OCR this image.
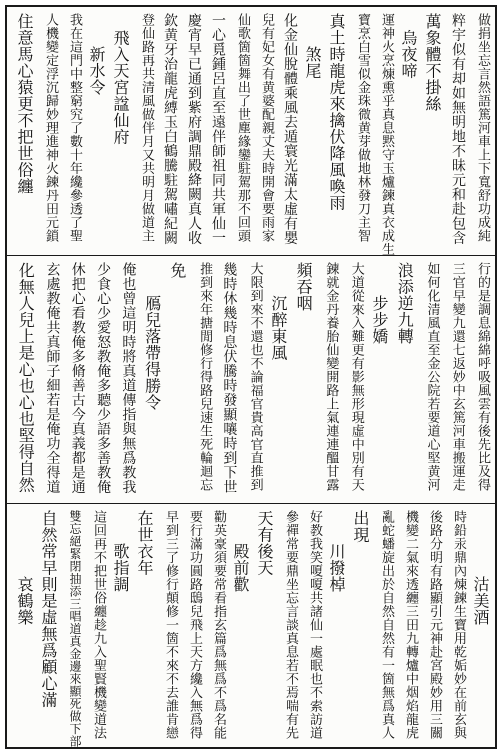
做捐坐忘言然語篤河車上下寬舒功成純
粹宇似有却如無明地不昧元和赴包含
萬象體不掛絲
　烏夜啼
運神火烹煉熏乎真息黙守玉爐鍊真衣成生
寶烹白雪似金珠微黄芽做地林發刀主智
真土時龍虎來擒伏降風喚雨
　　煞尾
化金仙脫體乘風去遁寰光滿太虛有嬰
兒有妃女有黄婆配親丈夫時開會要雨家
仙歌箇箇舞出了世塵緣鑾駐駕那不回頭
一心覓鍾呂直至遠伴師祖同共軍仙一
慶宵早已通到紫府調鼎殿絳闕真人收
欽黄牙治龍虎縛玉白鶴騰駐駕嘯紀闕
登仙路再共清風做伴月又共明月做道主
　飛入天宮諡仙府
　　新水令
我在這門中整窮究了數十年纔參透了聖
人機變定浮沉歸妙理進神火鍊丹田元鎖
住意馬心猿更不把世俗纏
行的是調息綿綿呼吸風雲有後先比及得
三官早變九還七返妙中玄篤河車搬運走
如何化清風直至金公院若要道心堅黄河
浪添逆九轉
　　步步嬌
大道從來入難更有影無形現虛中別有天
鍊就金丹養胎仙變開路上氣連連醞甘露
頻吞咽
　　沉醉東風
大限到來不還也不論福官貴高官直推到
幾時休幾時息伏騰時發顯嚷時到下世
推到來年搪閒修行得路兒速生死輪迴忘
免
　　鴈兒落帶得勝令
俺也曾這明時將真道傳指與無爲教我
少食心少愛怒教俺多聽少語多善教俺
休把心看教俺多脩善古今真義都是通
玄處教俺共真師子細若是俺功全得道
化無人兒上是心也心也堅得自然
　　　　沽美酒
時鉛汞鼎內煉鍊生寶用乾姤妙在前玄與
後路分明有路顯引元神赴宮殿妙用三關
機變二氣來透纏三田九轉爐中烟焰龍虎
亂蛇蟠旋出於自然自然有一箇無爲真人
出現
　　川撥棹
好教我笑嗄嗄共諸仙一處眠也不索訪道
參禪常要鼎坐忘言談真息若不焉喘有先
天有後天
　　殿前歡
勸英豪須要常看指玄篇爲無爲不爲名能
要行滿功圓路鴟兒飛上天方纔入無爲得
早到三了修行顛修一箇不來不去誰肯戀
在世衣年
　　歌指調
這回再不把世俗纏趁九入聖賢機變道法
雙忘絕緊閉抽添三唱道真金邊來顯死做下部
自然常早則是虛無爲顧心滿
　　　　哀鶴樂
